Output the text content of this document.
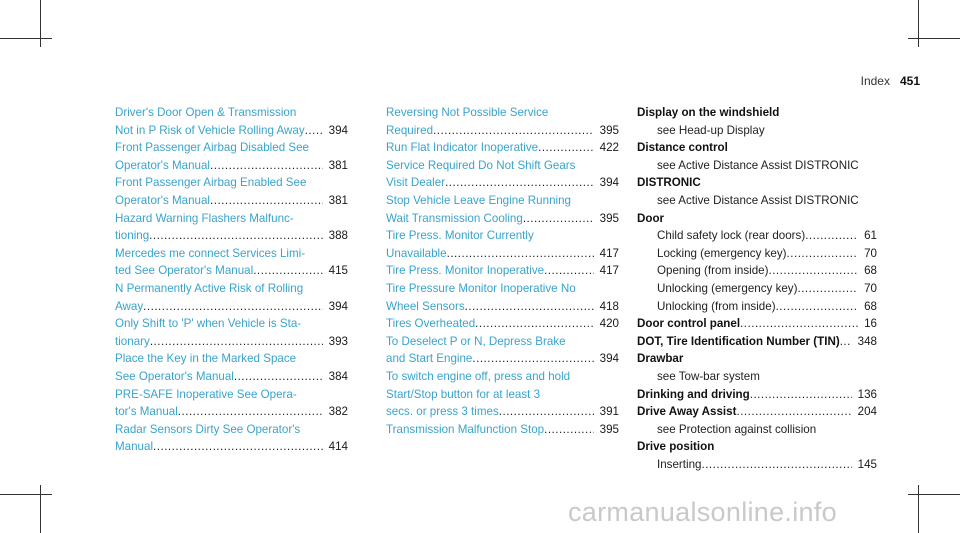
Index 451
Driver's Door Open & Transmission
Not in P Risk of Vehicle Rolling Away .....	394
Front Passenger Airbag Disabled See
Operator's Manual .....	381
Front Passenger Airbag Enabled See
Operator's Manual .....	381
Hazard Warning Flashers Malfunc-
tioning .....	388
Mercedes me connect Services Limi-
ted See Operator's Manual .....	415
N Permanently Active Risk of Rolling
Away .....	394
Only Shift to 'P' when Vehicle is Sta-
tionary .....	393
Place the Key in the Marked Space
See Operator's Manual .....	384
PRE-SAFE Inoperative See Opera-
tor's Manual .....	382
Radar Sensors Dirty See Operator's
Manual .....	414
Reversing Not Possible Service
Required .....	395
Run Flat Indicator Inoperative .....	422
Service Required Do Not Shift Gears
Visit Dealer .....	394
Stop Vehicle Leave Engine Running
Wait Transmission Cooling .....	395
Tire Press. Monitor Currently
Unavailable .....	417
Tire Press. Monitor Inoperative .....	417
Tire Pressure Monitor Inoperative No
Wheel Sensors .....	418
Tires Overheated .....	420
To Deselect P or N, Depress Brake
and Start Engine .....	394
To switch engine off, press and hold
Start/Stop button for at least 3
secs. or press 3 times .....	391
Transmission Malfunction Stop .....	395
Display on the windshield
see Head-up Display
Distance control
see Active Distance Assist DISTRONIC
DISTRONIC
see Active Distance Assist DISTRONIC
Door
Child safety lock (rear doors) .....	61
Locking (emergency key) .....	70
Opening (from inside) .....	68
Unlocking (emergency key) .....	70
Unlocking (from inside) .....	68
Door control panel .....	16
DOT, Tire Identification Number (TIN) .....	348
Drawbar
see Tow-bar system
Drinking and driving .....	136
Drive Away Assist .....	204
see Protection against collision
Drive position
Inserting .....	145
carmanualsonline.info
